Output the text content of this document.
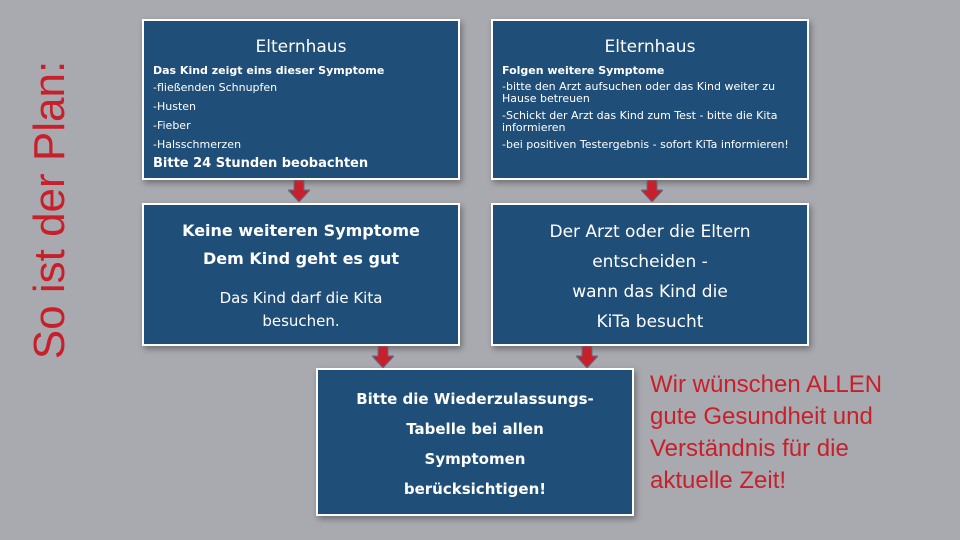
So ist der Plan:
Elternhaus
Das Kind zeigt eins dieser Symptome
-fließenden Schnupfen
-Husten
-Fieber
-Halsschmerzen
Bitte 24 Stunden beobachten
Elternhaus
Folgen weitere Symptome
-bitte den Arzt aufsuchen oder das Kind weiter zu Hause betreuen
-Schickt der Arzt das Kind zum Test - bitte die Kita informieren
-bei positiven Testergebnis - sofort KiTa informieren!
Keine weiteren Symptome
Dem Kind geht es gut
Das Kind darf die Kita
besuchen.
Der Arzt oder die Eltern
entscheiden -
wann das Kind die
KiTa besucht
Bitte die Wiederzulassungs-
Tabelle bei allen
Symptomen
berücksichtigen!
Wir wünschen ALLEN
gute Gesundheit und
Verständnis für die
aktuelle Zeit!
